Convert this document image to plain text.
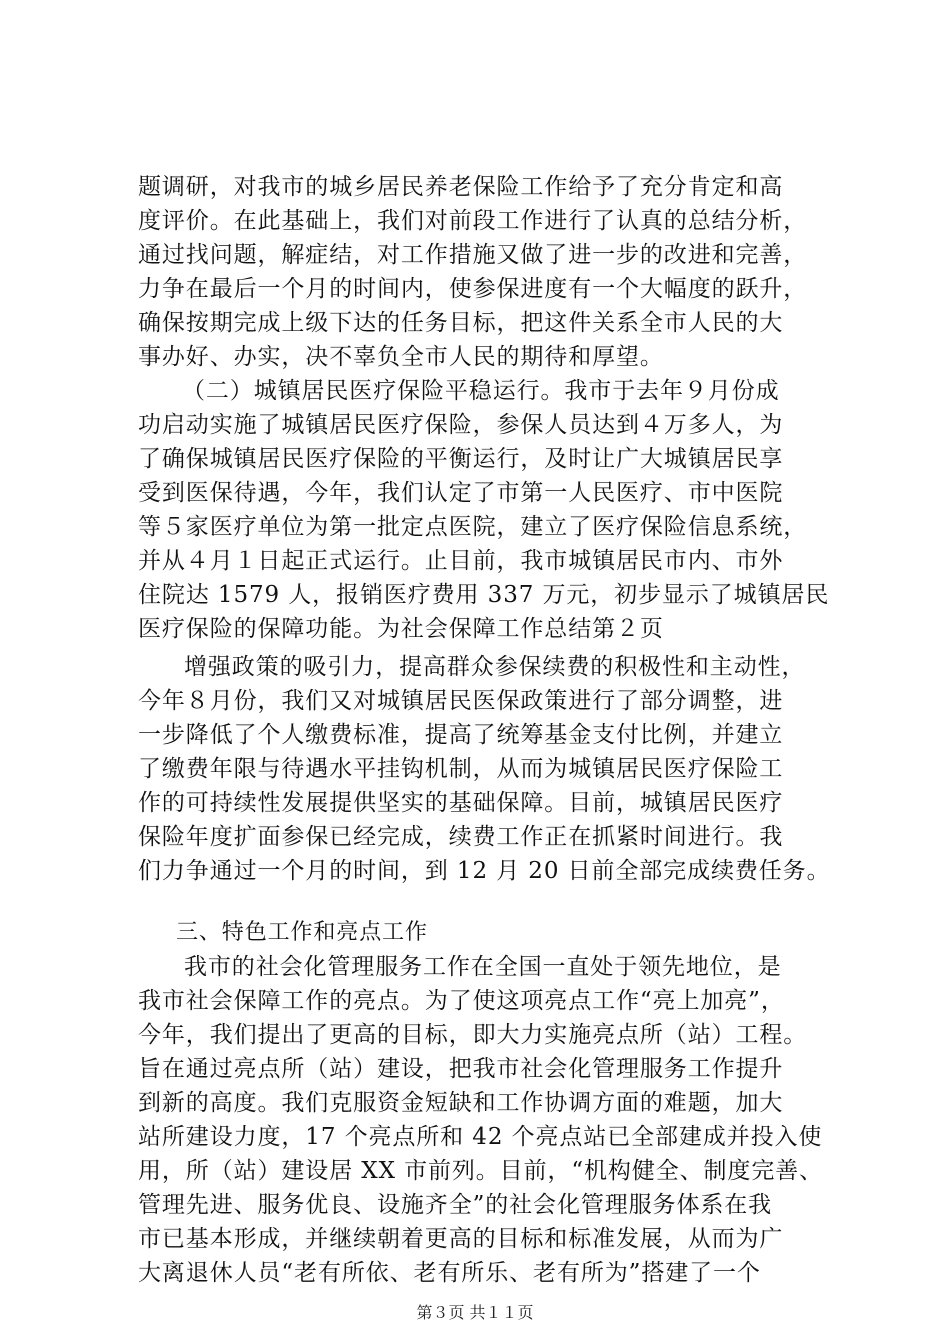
题调研，对我市的城乡居民养老保险工作给予了充分肯定和高
度评价。在此基础上，我们对前段工作进行了认真的总结分析，
通过找问题，解症结，对工作措施又做了进一步的改进和完善，
力争在最后一个月的时间内，使参保进度有一个大幅度的跃升，
确保按期完成上级下达的任务目标，把这件关系全市人民的大
事办好、办实，决不辜负全市人民的期待和厚望。
（二）城镇居民医疗保险平稳运行。我市于去年９月份成
功启动实施了城镇居民医疗保险，参保人员达到４万多人，为
了确保城镇居民医疗保险的平衡运行，及时让广大城镇居民享
受到医保待遇，今年，我们认定了市第一人民医疗、市中医院
等５家医疗单位为第一批定点医院，建立了医疗保险信息系统，
并从４月１日起正式运行。止目前，我市城镇居民市内、市外
住院达 1579 人，报销医疗费用 337 万元，初步显示了城镇居民
医疗保险的保障功能。为社会保障工作总结第２页
增强政策的吸引力，提高群众参保续费的积极性和主动性，
今年８月份，我们又对城镇居民医保政策进行了部分调整，进
一步降低了个人缴费标准，提高了统筹基金支付比例，并建立
了缴费年限与待遇水平挂钩机制，从而为城镇居民医疗保险工
作的可持续性发展提供坚实的基础保障。目前，城镇居民医疗
保险年度扩面参保已经完成，续费工作正在抓紧时间进行。我
们力争通过一个月的时间，到 12 月 20 日前全部完成续费任务。
三、特色工作和亮点工作
我市的社会化管理服务工作在全国一直处于领先地位，是
我市社会保障工作的亮点。为了使这项亮点工作“亮上加亮”，
今年，我们提出了更高的目标，即大力实施亮点所（站）工程。
旨在通过亮点所（站）建设，把我市社会化管理服务工作提升
到新的高度。我们克服资金短缺和工作协调方面的难题，加大
站所建设力度，17 个亮点所和 42 个亮点站已全部建成并投入使
用，所（站）建设居 XX 市前列。目前，“机构健全、制度完善、
管理先进、服务优良、设施齐全”的社会化管理服务体系在我
市已基本形成，并继续朝着更高的目标和标准发展，从而为广
大离退休人员“老有所依、老有所乐、老有所为”搭建了一个
第３页 共１１页
